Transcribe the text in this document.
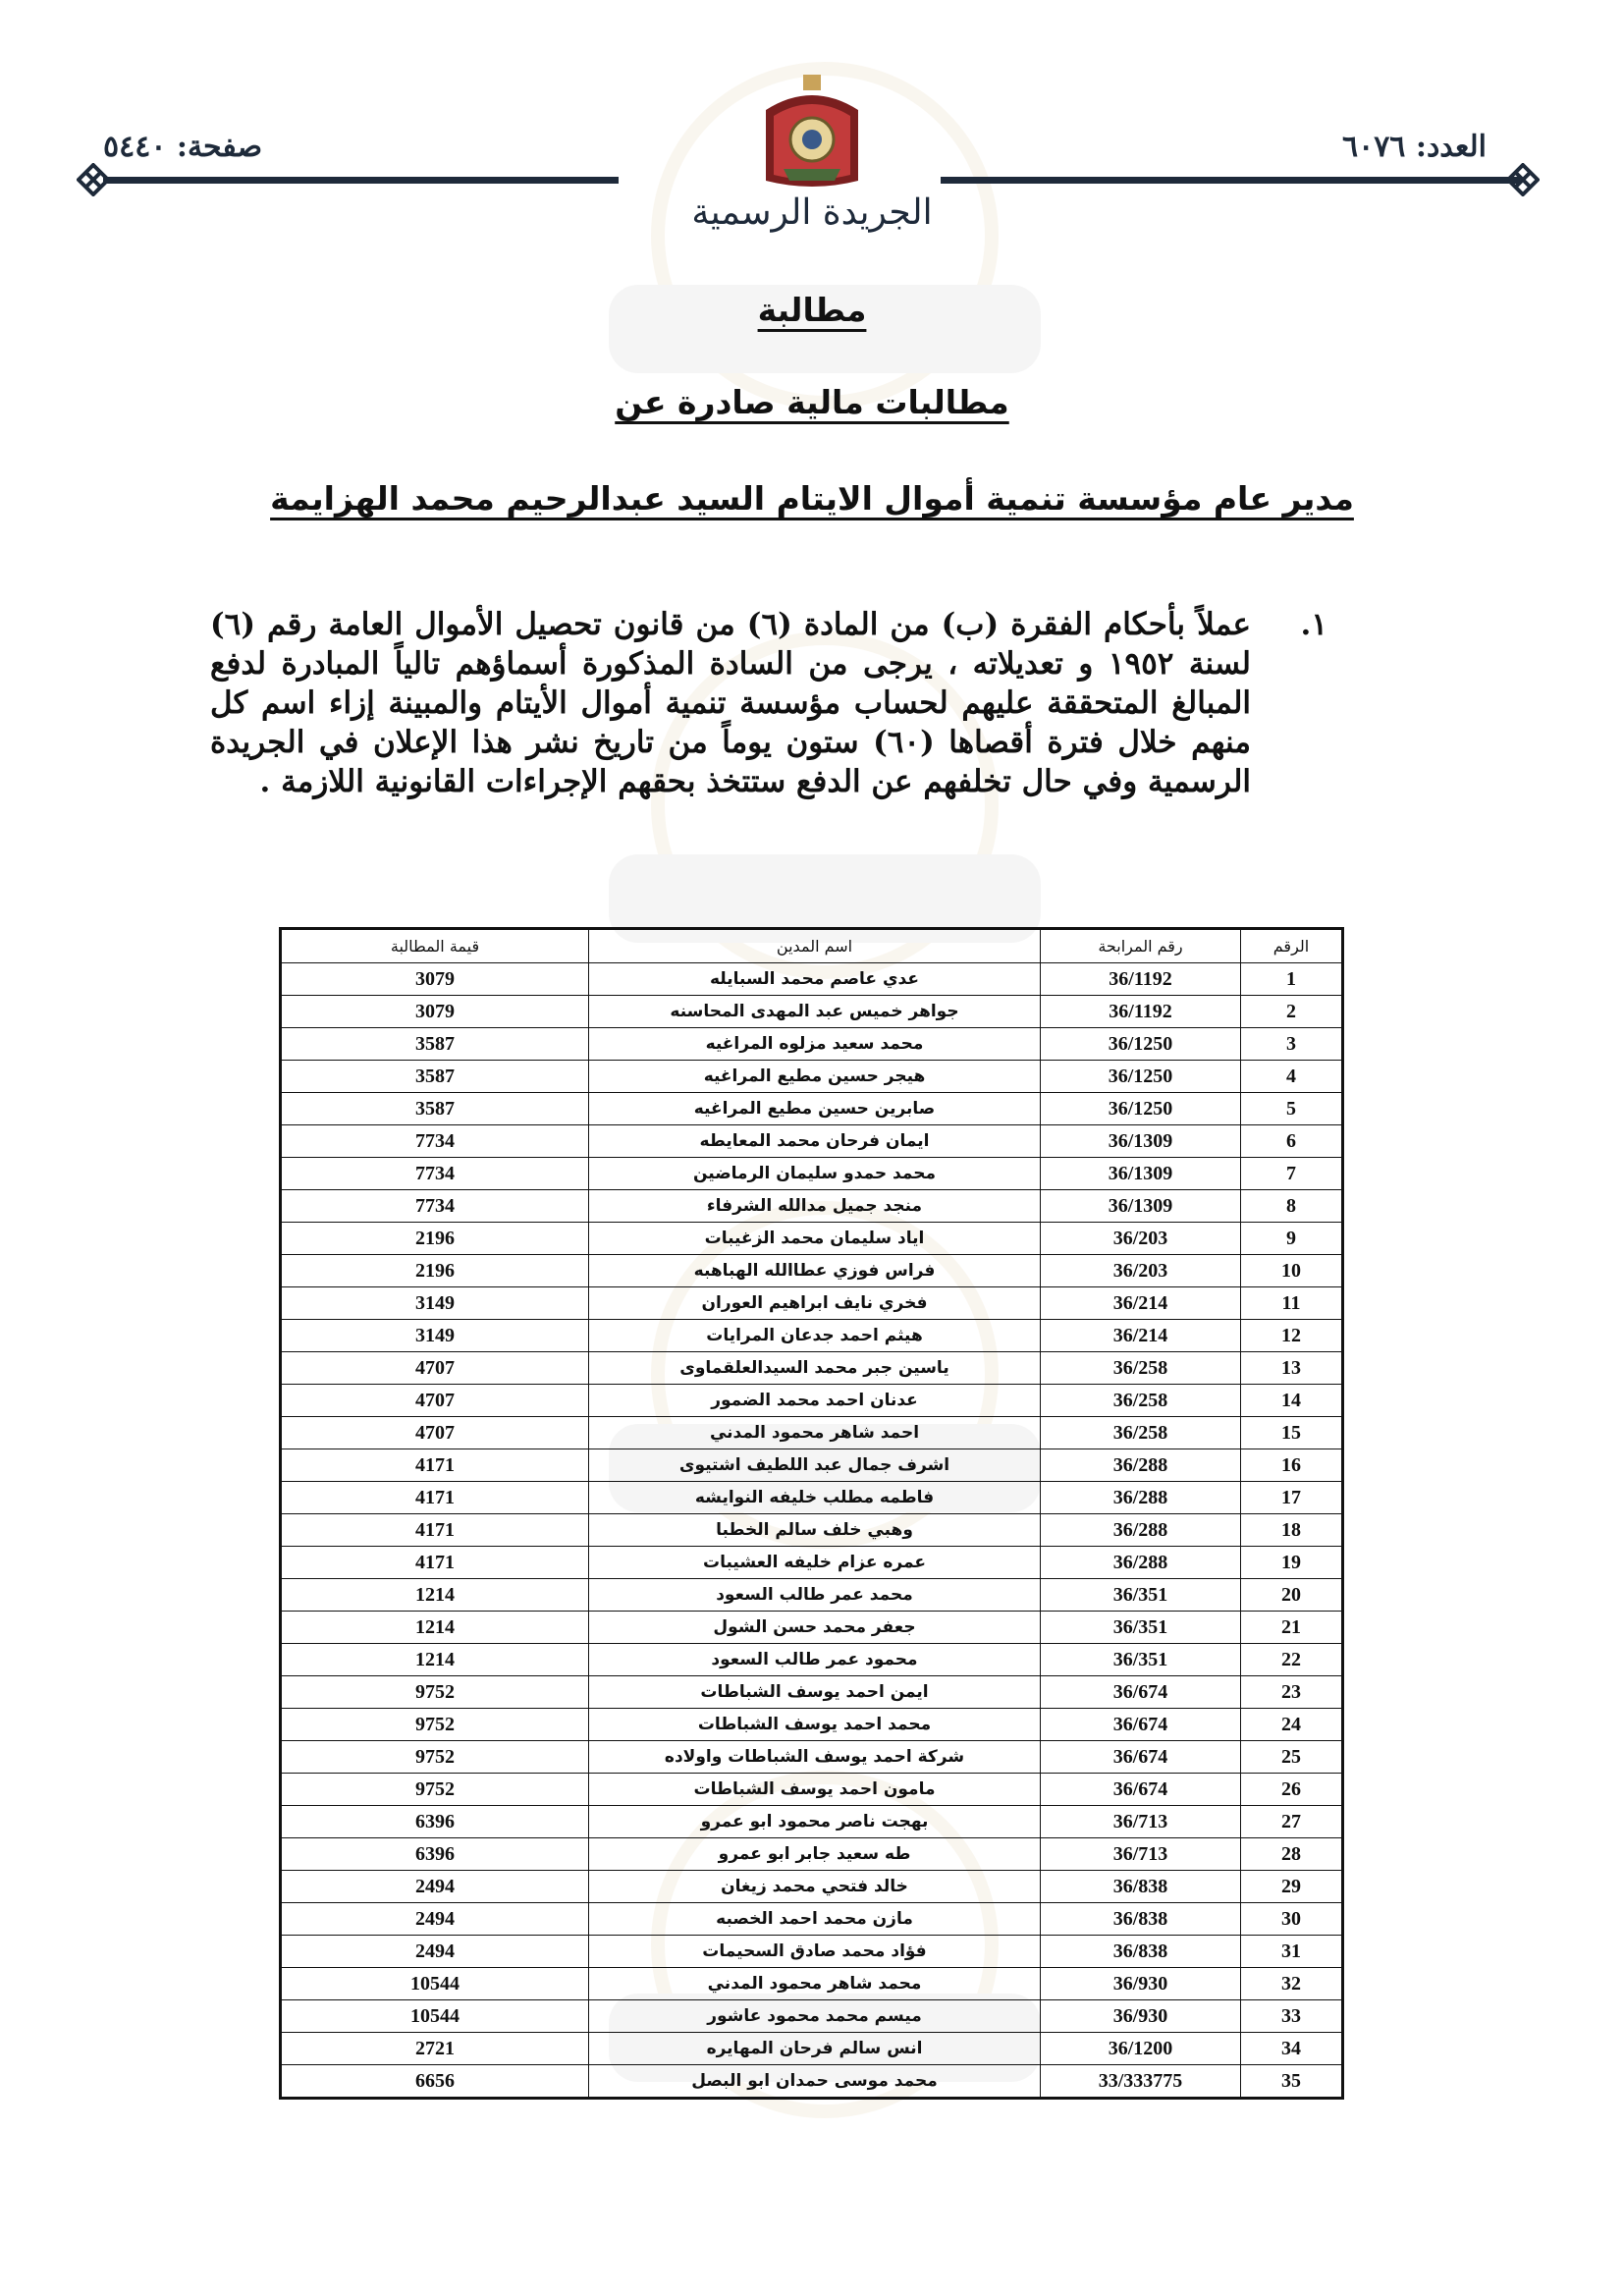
العدد: ٦٠٧٦
صفحة: ٥٤٤٠
الجريدة الرسمية
مطالبة
مطالبات مالية صادرة عن
مدير عام مؤسسة تنمية أموال الايتام السيد عبدالرحيم محمد الهزايمة
١.
عملاً بأحكام الفقرة (ب) من المادة (٦) من قانون تحصيل الأموال العامة رقم (٦) لسنة ١٩٥٢ و تعديلاته ، يرجى من السادة المذكورة أسماؤهم تالياً المبادرة لدفع المبالغ المتحققة عليهم لحساب مؤسسة تنمية أموال الأيتام والمبينة إزاء اسم كل منهم خلال فترة أقصاها (٦٠) ستون يوماً من تاريخ نشر هذا الإعلان في الجريدة الرسمية وفي حال تخلفهم عن الدفع ستتخذ بحقهم الإجراءات القانونية اللازمة .
الرقم	رقم المرابحة	اسم المدين	قيمة المطالبة
1	36/1192	عدي عاصم محمد السبايله	3079
2	36/1192	جواهر خميس عبد المهدى المحاسنه	3079
3	36/1250	محمد سعيد مزلوه المراغيه	3587
4	36/1250	هيجر حسين مطيع المراغيه	3587
5	36/1250	صابرين حسين مطيع المراغيه	3587
6	36/1309	ايمان فرحان محمد المعايطه	7734
7	36/1309	محمد حمدو سليمان الرماضين	7734
8	36/1309	منجد جميل مدالله الشرفاء	7734
9	36/203	اياد سليمان محمد الزغيبات	2196
10	36/203	فراس فوزي عطاالله الهباهبه	2196
11	36/214	فخري نايف ابراهيم العوران	3149
12	36/214	هيثم احمد جدعان المرايات	3149
13	36/258	ياسين جبر محمد السيدالعلقماوى	4707
14	36/258	عدنان احمد محمد الضمور	4707
15	36/258	احمد شاهر محمود المدني	4707
16	36/288	اشرف جمال عبد اللطيف اشتيوى	4171
17	36/288	فاطمه مطلب خليفه النوايشه	4171
18	36/288	وهبي خلف سالم الخطبا	4171
19	36/288	عمره عزام خليفه العشيبات	4171
20	36/351	محمد عمر طالب السعود	1214
21	36/351	جعفر محمد حسن الشول	1214
22	36/351	محمود عمر طالب السعود	1214
23	36/674	ايمن احمد يوسف الشباطات	9752
24	36/674	محمد احمد يوسف الشباطات	9752
25	36/674	شركة احمد يوسف الشباطات واولاده	9752
26	36/674	مامون احمد يوسف الشباطات	9752
27	36/713	بهجت ناصر محمود ابو عمرو	6396
28	36/713	طه سعيد جابر ابو عمرو	6396
29	36/838	خالد فتحي محمد زيغان	2494
30	36/838	مازن محمد احمد الخصبه	2494
31	36/838	فؤاد محمد صادق السحيمات	2494
32	36/930	محمد شاهر محمود المدني	10544
33	36/930	ميسم محمد محمود عاشور	10544
34	36/1200	انس سالم فرحان المهايره	2721
35	33/333775	محمد موسى حمدان ابو البصل	6656
